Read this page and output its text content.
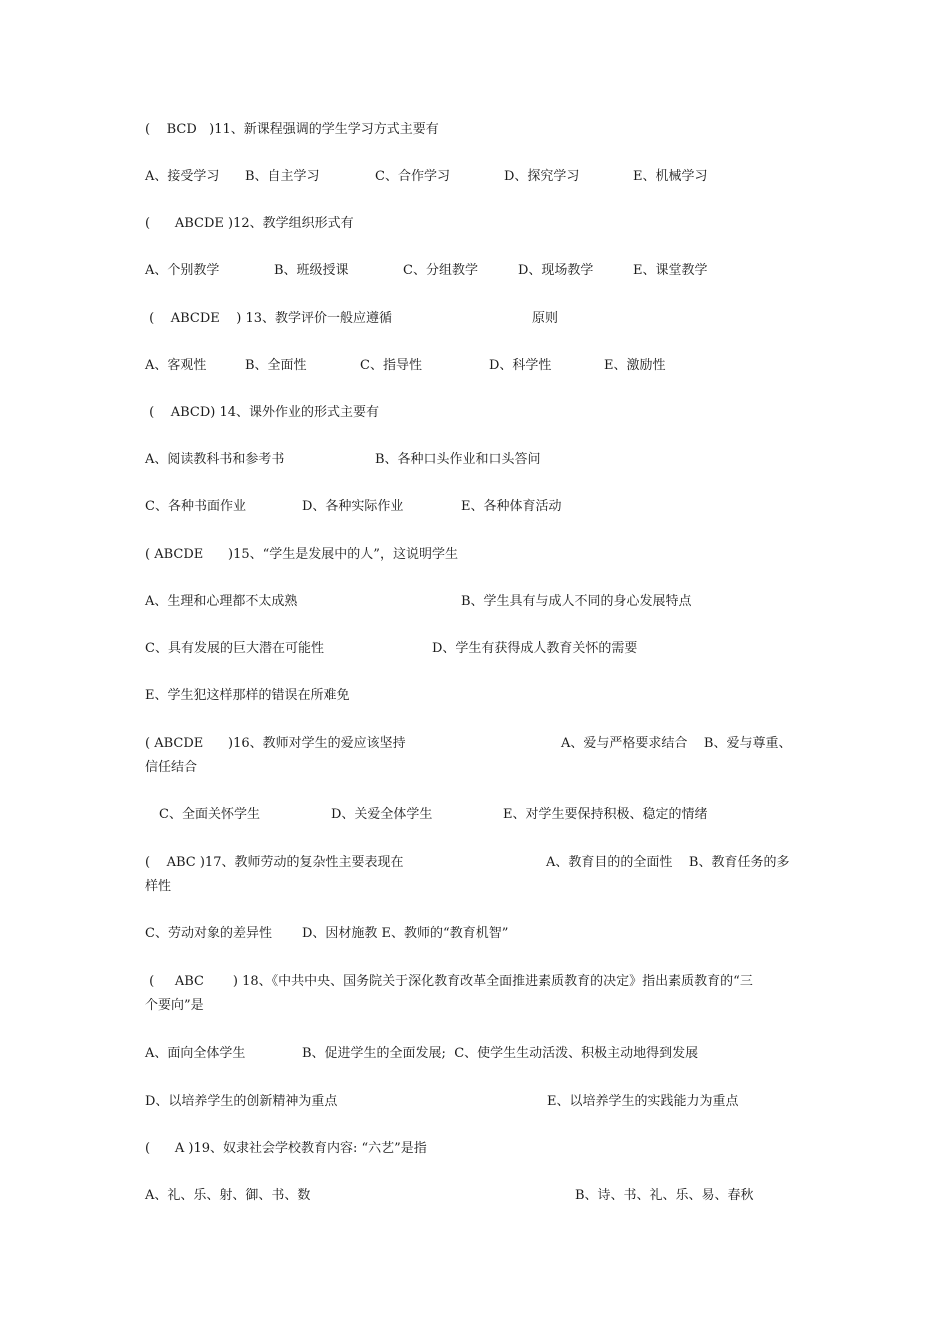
(    BCD   )11、新课程强调的学生学习方式主要有

A、接受学习

B、自主学习

	C、合作学习

	D、探究学习

	E、机械学习

(      ABCDE )12、教学组织形式有

A、个别教学

	B、班级授课

	C、分组教学

	D、现场教学

	E、课堂教学

(    ABCDE    ) 13、教学评价一般应遵循

	原则

A、客观性

	B、全面性

	C、指导性

	D、科学性

	E、激励性

(    ABCD) 14、课外作业的形式主要有

A、阅读教科书和参考书

	B、各种口头作业和口头答问

C、各种书面作业

	D、各种实际作业

	E、各种体育活动

( ABCDE      )15、“学生是发展中的人”，这说明学生

A、生理和心理都不太成熟

	B、学生具有与成人不同的身心发展特点

C、具有发展的巨大潜在可能性

	D、学生有获得成人教育关怀的需要

E、学生犯这样那样的错误在所难免

( ABCDE      )16、教师对学生的爱应该坚持

	A、爱与严格要求结合    B、爱与尊重、

信任结合

C、全面关怀学生

	D、关爱全体学生

	E、对学生要保持积极、稳定的情绪

(    ABC )17、教师劳动的复杂性主要表现在

	A、教育目的的全面性    B、教育任务的多

样性

C、劳动对象的差异性

D、因材施教 E、教师的“教育机智”

(     ABC       ) 18、《中共中央、国务院关于深化教育改革全面推进素质教育的决定》指出素质教育的“三

个要向”是

A、面向全体学生

	B、促进学生的全面发展;  C、使学生生动活泼、积极主动地得到发展

D、以培养学生的创新精神为重点

	E、以培养学生的实践能力为重点

(      A )19、奴隶社会学校教育内容: “六艺”是指

A、礼、乐、射、御、书、数

	B、诗、书、礼、乐、易、春秋
